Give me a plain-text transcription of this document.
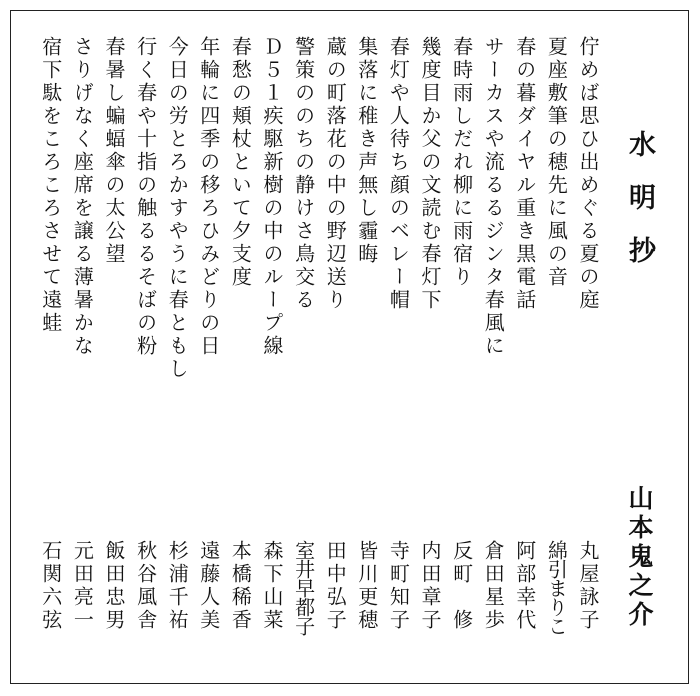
水明抄
山本鬼之介
佇めば思ひ出めぐる夏の庭
丸屋詠子
夏座敷筆の穂先に風の音
綿引まりこ
春の暮ダイヤル重き黒電話
阿部幸代
サーカスや流るるジンタ春風に
倉田星歩
春時雨しだれ柳に雨宿り
反町　修
幾度目か父の文読む春灯下
内田章子
春灯や人待ち顔のベレー帽
寺町知子
集落に稚き声無し霾晦
皆川更穂
蔵の町落花の中の野辺送り
田中弘子
警策ののちの静けさ鳥交る
室井早都子
Ｄ５１疾駆新樹の中のループ線
森下山菜
春愁の頬杖といて夕支度
本橋稀香
年輪に四季の移ろひみどりの日
遠藤人美
今日の労とろかすやうに春ともし
杉浦千祐
行く春や十指の触るるそばの粉
秋谷風舎
春暑し蝙蝠傘の太公望
飯田忠男
さりげなく座席を譲る薄暑かな
元田亮一
宿下駄をころころさせて遠蛙
石関六弦
